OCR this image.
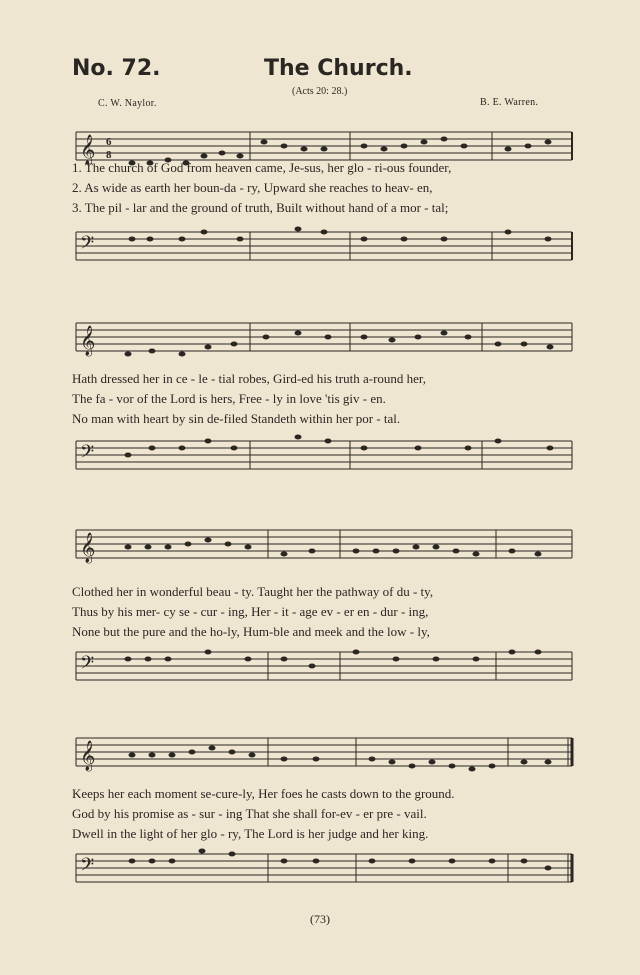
No. 72.	The Church.
(Acts 20: 28.)
C. W. Naylor.	B. E. Warren.
𝄞 6
8
1. The church of God from heaven came, Je-sus, her glo - ri-ous founder,
2. As wide as earth her boun-da - ry, Upward she reaches to heav- en,
3. The pil - lar and the ground of truth, Built without hand of a mor - tal;
𝄢
𝄞
Hath dressed her in ce - le - tial robes, Gird-ed his truth a-round her,
The fa - vor of the Lord is hers, Free - ly in love 'tis giv - en.
No man with heart by sin de-filed Standeth within her por - tal.
𝄢
𝄞
Clothed her in wonderful beau - ty. Taught her the pathway of du - ty,
Thus by his mer- cy se - cur - ing, Her - it - age ev - er en - dur - ing,
None but the pure and the ho-ly, Hum-ble and meek and the low - ly,
𝄢
𝄞
Keeps her each moment se-cure-ly, Her foes he casts down to the ground.
God by his promise as - sur - ing That she shall for-ev - er pre - vail.
Dwell in the light of her glo - ry, The Lord is her judge and her king.
𝄢
(73)
